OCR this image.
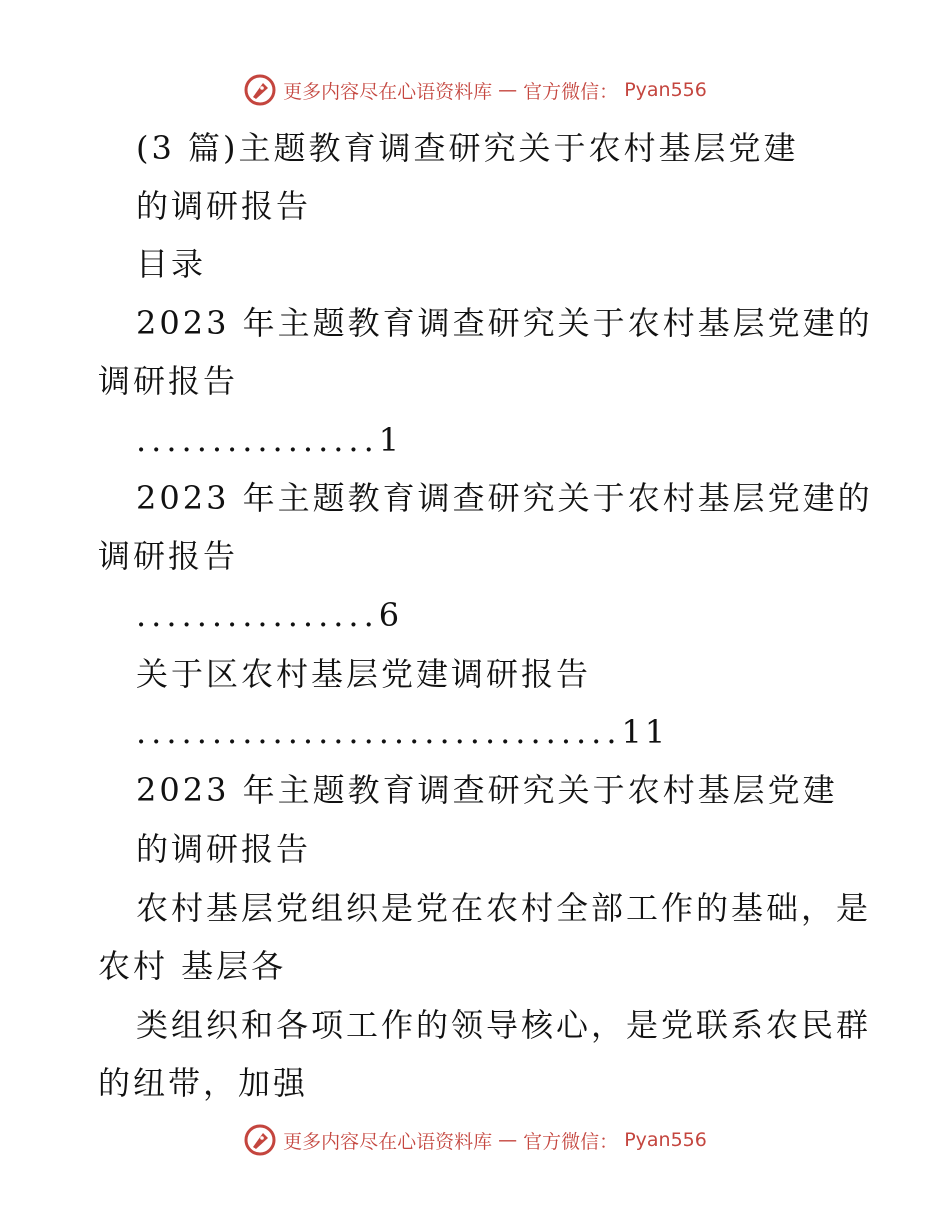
更多内容尽在心语资料库 — 官方微信： Pyan556
(3 篇)主题教育调查研究关于农村基层党建
的调研报告
目录
2023 年主题教育调查研究关于农村基层党建的
调研报告
................1
2023 年主题教育调查研究关于农村基层党建的
调研报告
................6
关于区农村基层党建调研报告
................................11
2023 年主题教育调查研究关于农村基层党建
的调研报告
农村基层党组织是党在农村全部工作的基础，是
农村 基层各
类组织和各项工作的领导核心，是党联系农民群
的纽带，加强
更多内容尽在心语资料库 — 官方微信： Pyan556
